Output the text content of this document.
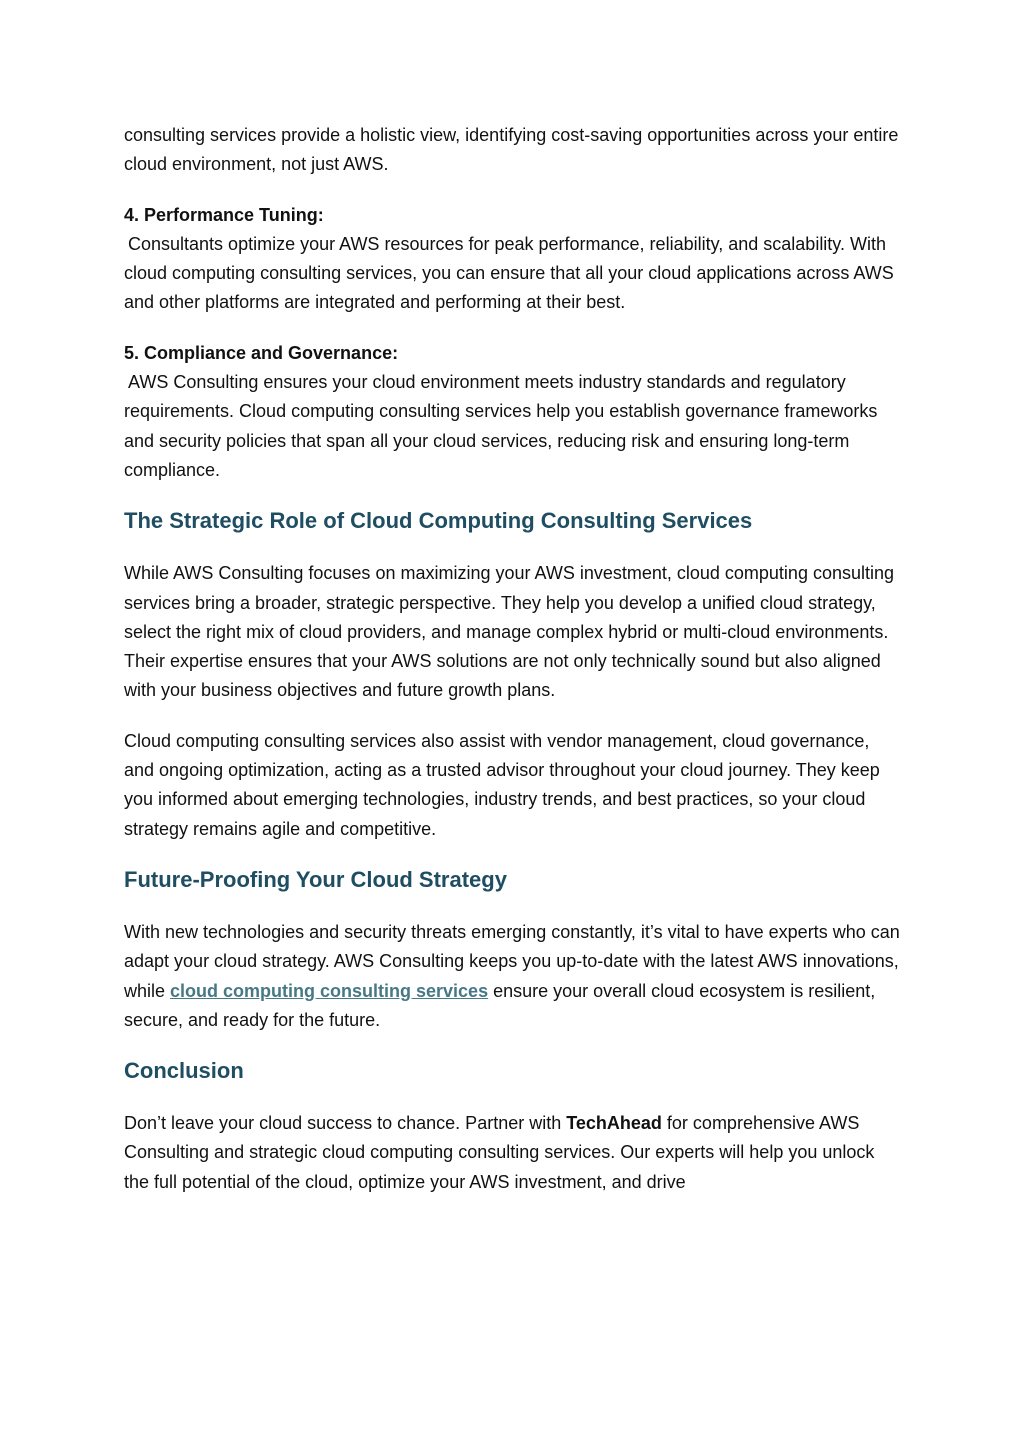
consulting services provide a holistic view, identifying cost-saving opportunities across your entire cloud environment, not just AWS.

4. Performance Tuning:

Consultants optimize your AWS resources for peak performance, reliability, and scalability. With cloud computing consulting services, you can ensure that all your cloud applications across AWS and other platforms are integrated and performing at their best.

5. Compliance and Governance:

AWS Consulting ensures your cloud environment meets industry standards and regulatory requirements. Cloud computing consulting services help you establish governance frameworks and security policies that span all your cloud services, reducing risk and ensuring long-term compliance.

The Strategic Role of Cloud Computing Consulting Services

While AWS Consulting focuses on maximizing your AWS investment, cloud computing consulting services bring a broader, strategic perspective. They help you develop a unified cloud strategy, select the right mix of cloud providers, and manage complex hybrid or multi-cloud environments. Their expertise ensures that your AWS solutions are not only technically sound but also aligned with your business objectives and future growth plans.

Cloud computing consulting services also assist with vendor management, cloud governance, and ongoing optimization, acting as a trusted advisor throughout your cloud journey. They keep you informed about emerging technologies, industry trends, and best practices, so your cloud strategy remains agile and competitive.

Future-Proofing Your Cloud Strategy

With new technologies and security threats emerging constantly, it’s vital to have experts who can adapt your cloud strategy. AWS Consulting keeps you up-to-date with the latest AWS innovations, while cloud computing consulting services ensure your overall cloud ecosystem is resilient, secure, and ready for the future.

Conclusion

Don’t leave your cloud success to chance. Partner with TechAhead for comprehensive AWS Consulting and strategic cloud computing consulting services. Our experts will help you unlock the full potential of the cloud, optimize your AWS investment, and drive
